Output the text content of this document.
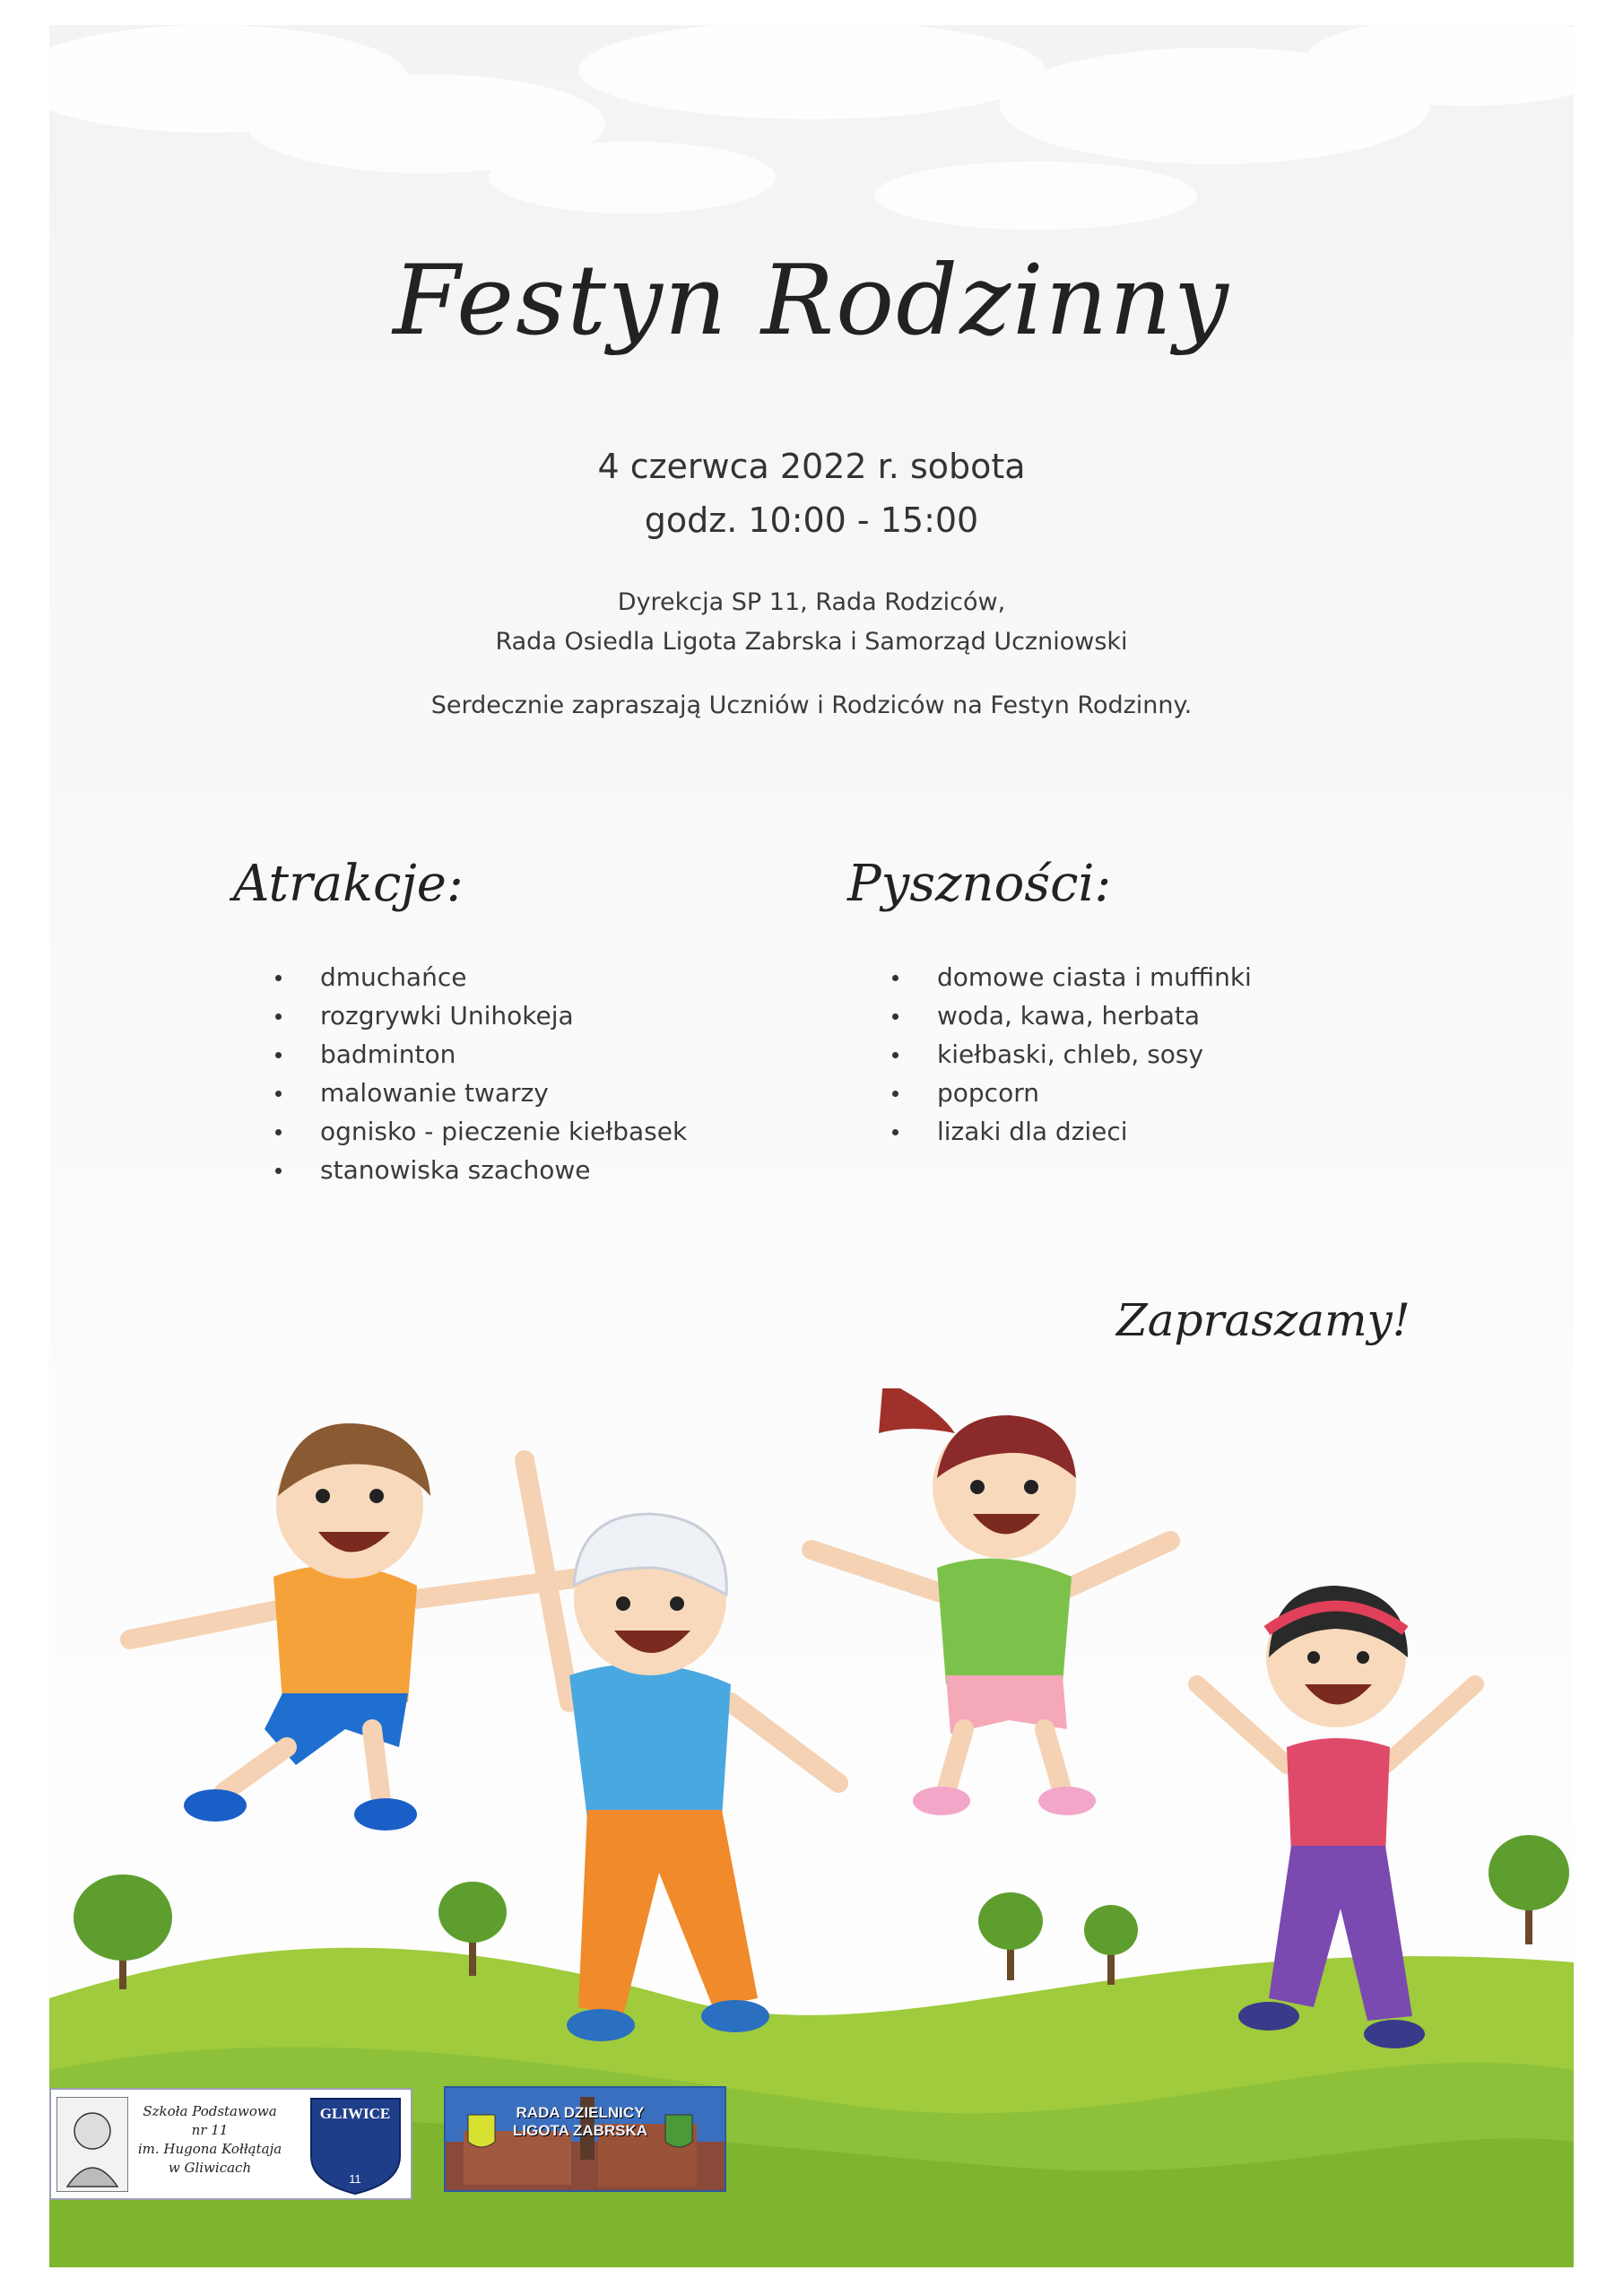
Festyn Rodzinny
4 czerwca 2022 r. sobota
godz. 10:00 - 15:00
Dyrekcja SP 11, Rada Rodziców,
Rada Osiedla Ligota Zabrska i Samorząd Uczniowski
Serdecznie zapraszają Uczniów i Rodziców na Festyn Rodzinny.
Atrakcje:	Pyszności:
dmuchańce
rozgrywki Unihokeja
badminton
malowanie twarzy
ognisko - pieczenie kiełbasek
stanowiska szachowe
domowe ciasta i muffinki
woda, kawa, herbata
kiełbaski, chleb, sosy
popcorn
lizaki dla dzieci
Zapraszamy!
Szkoła Podstawowa nr 11
im. Hugona Kołłątaja
w Gliwicach
GLIWICE
11
RADA DZIELNICY
LIGOTA ZABRSKA
